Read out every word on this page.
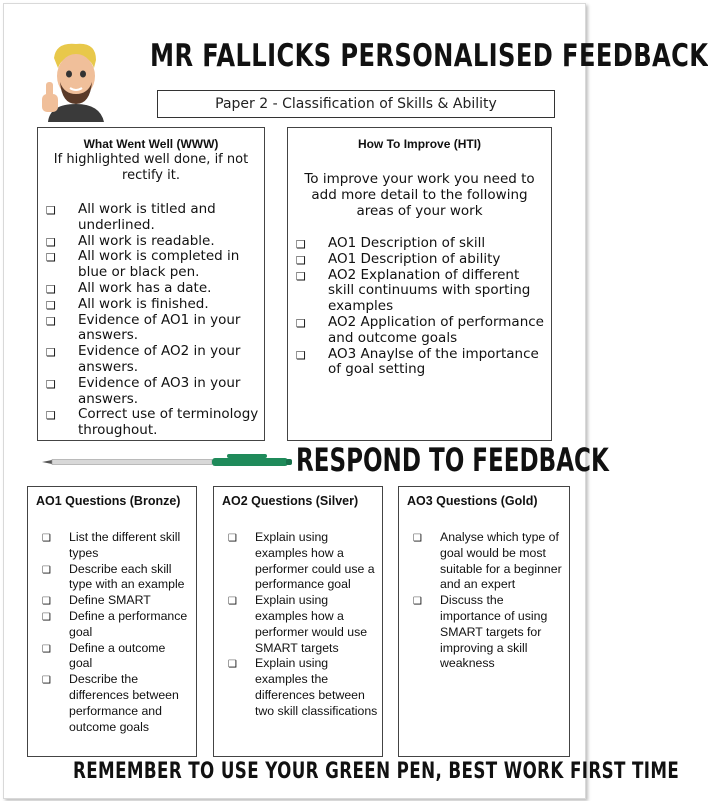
MR FALLICKS PERSONALISED FEEDBACK
Paper 2 - Classification of Skills & Ability
What Went Well (WWW)
If highlighted well done, if not rectify it.
❑ All work is titled and underlined.
❑ All work is readable.
❑ All work is completed in blue or black pen.
❑ All work has a date.
❑ All work is finished.
❑ Evidence of AO1 in your answers.
❑ Evidence of AO2 in your answers.
❑ Evidence of AO3 in your answers.
❑ Correct use of terminology throughout.
How To Improve (HTI)
To improve your work you need to add more detail to the following areas of your work
❑ AO1 Description of skill
❑ AO1 Description of ability
❑ AO2 Explanation of different skill continuums with sporting examples
❑ AO2 Application of performance and outcome goals
❑ AO3 Anaylse of the importance of goal setting
RESPOND TO FEEDBACK
AO1 Questions (Bronze)
❑ List the different skill types
❑ Describe each skill type with an example
❑ Define SMART
❑ Define a performance goal
❑ Define a outcome goal
❑ Describe the differences between performance and outcome goals
AO2 Questions (Silver)
❑ Explain using examples how a performer could use a performance goal
❑ Explain using examples how a performer would use SMART targets
❑ Explain using examples the differences between two skill classifications
AO3 Questions (Gold)
❑ Analyse which type of goal would be most suitable for a beginner and an expert
❑ Discuss the importance of using SMART targets for improving a skill weakness
REMEMBER TO USE YOUR GREEN PEN, BEST WORK FIRST TIME
